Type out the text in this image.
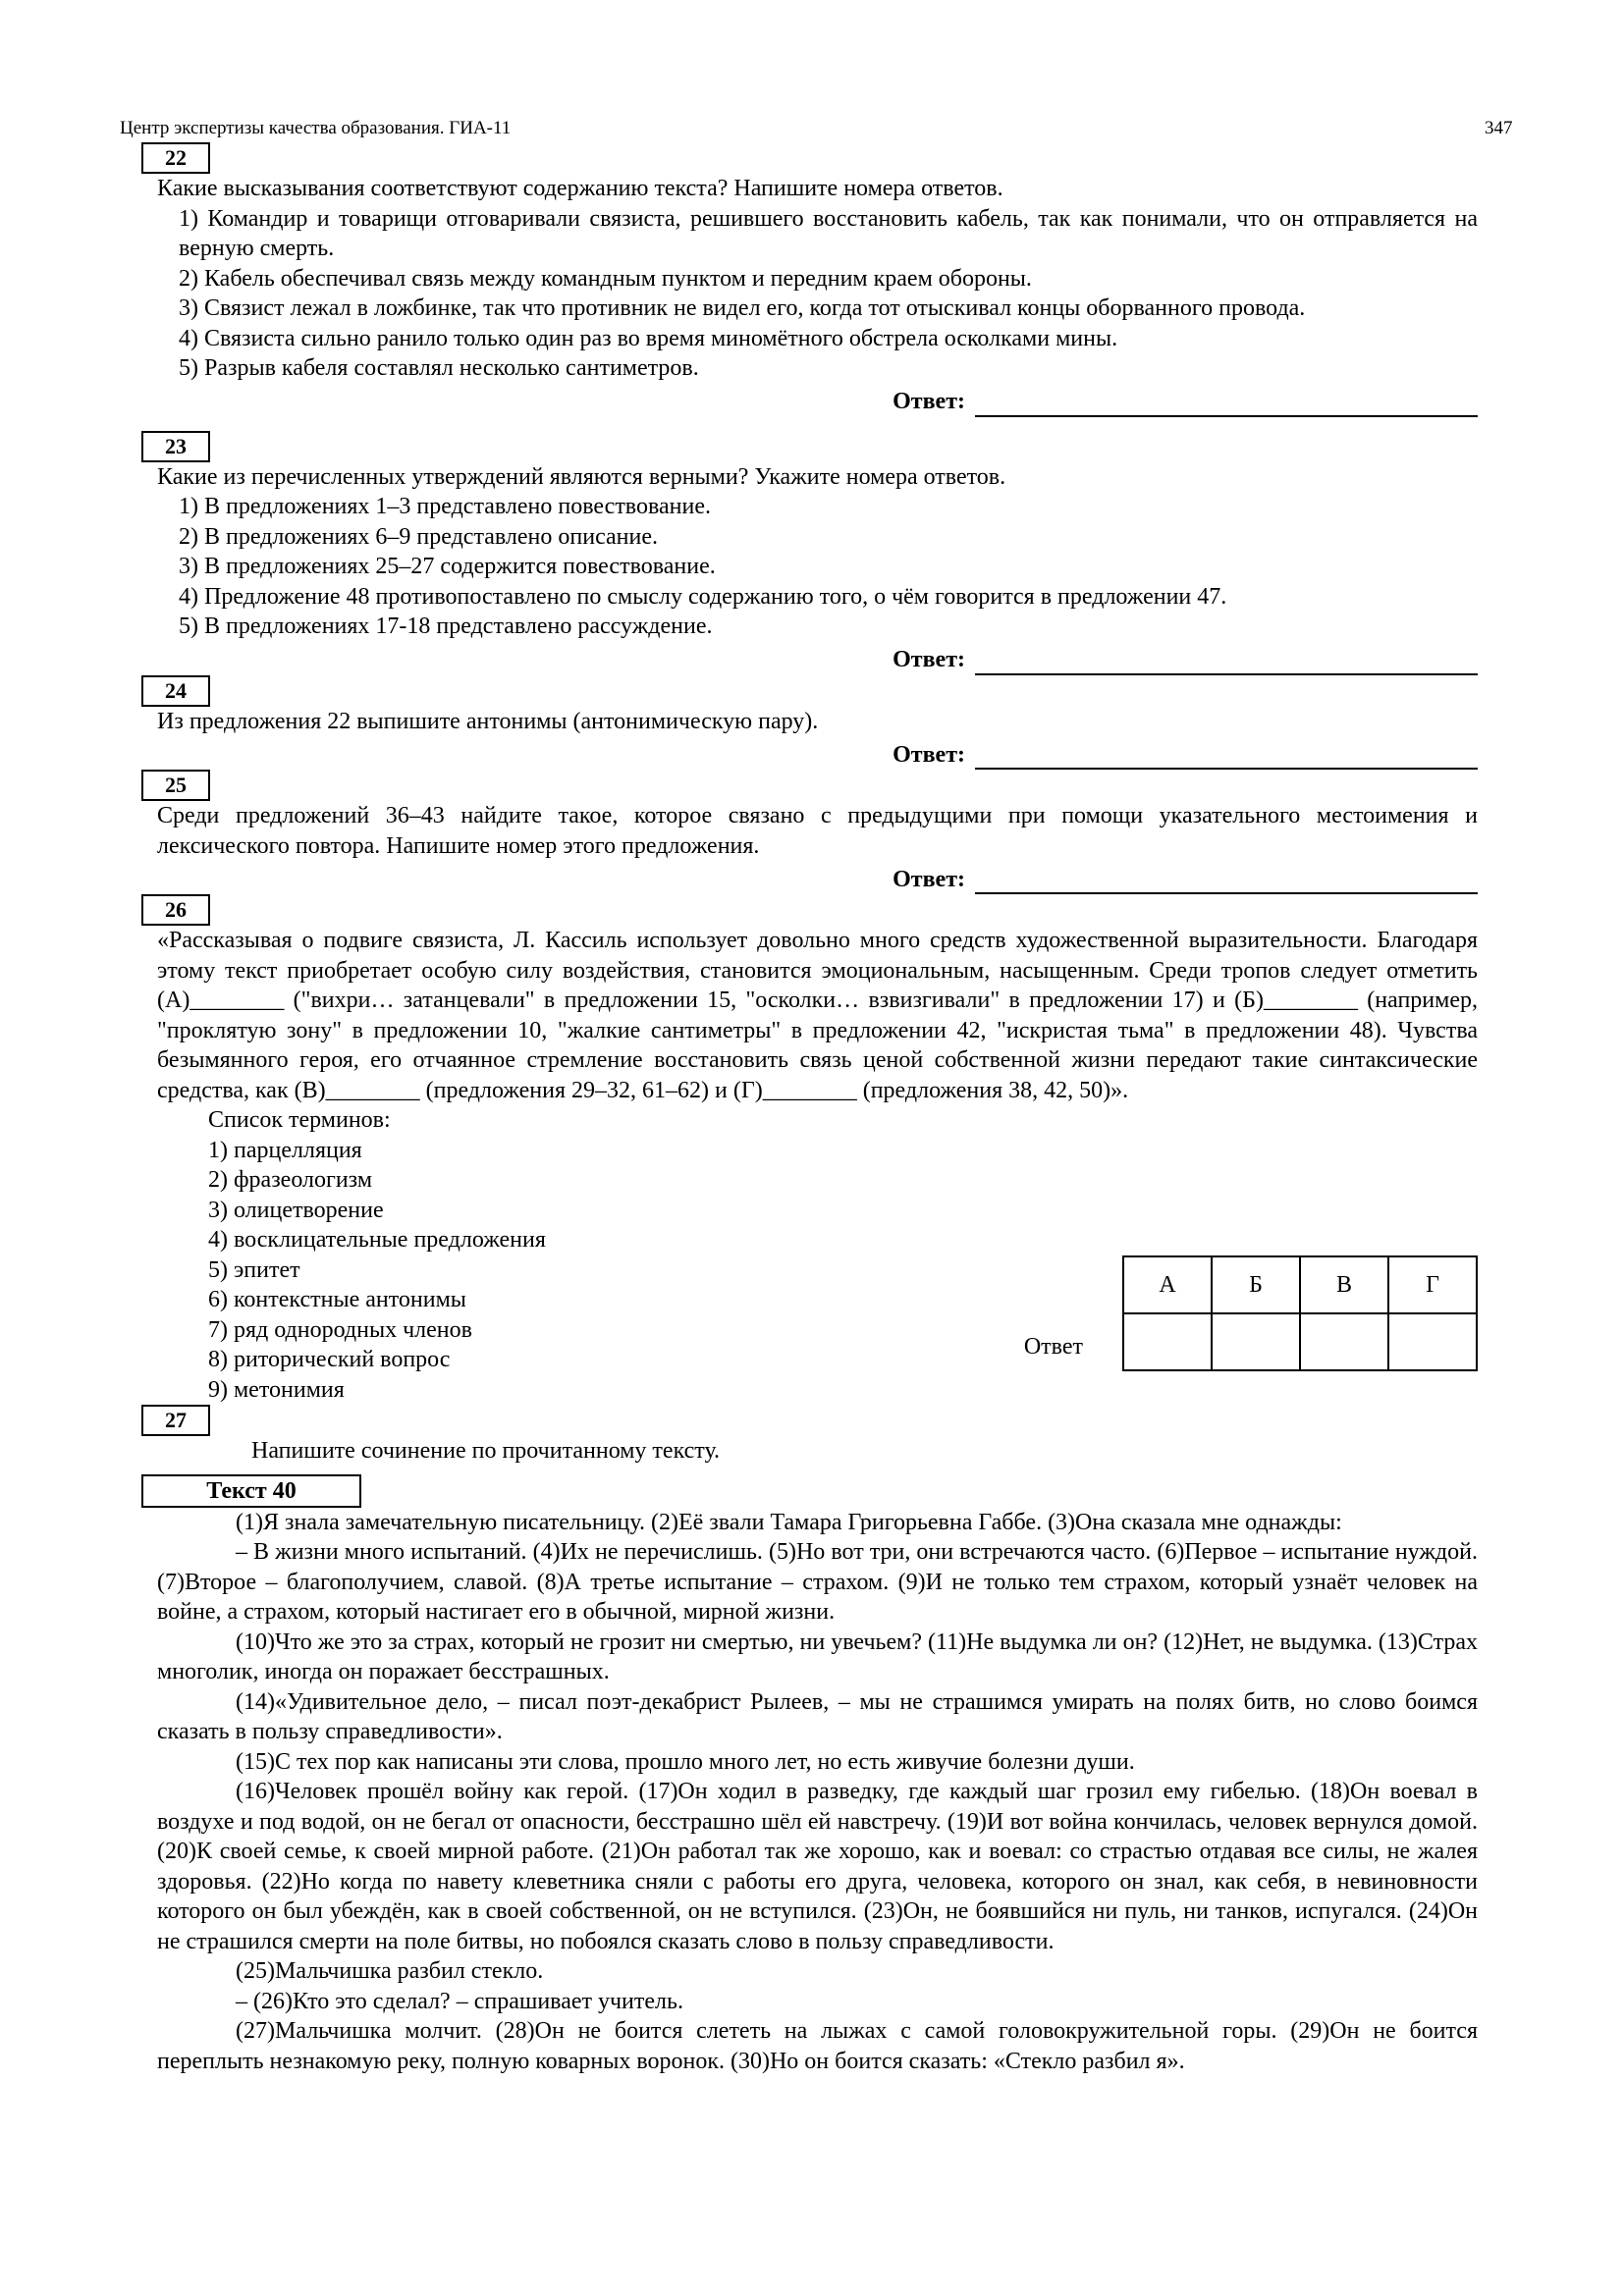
Центр экспертизы качества образования. ГИА-11	347
22

Какие высказывания соответствуют содержанию текста? Напишите номера ответов.

1) Командир и товарищи отговаривали связиста, решившего восстановить кабель, так как понимали, что он отправляется на верную смерть.

2) Кабель обеспечивал связь между командным пунктом и передним краем обороны.

3) Связист лежал в ложбинке, так что противник не видел его, когда тот отыскивал концы оборванного провода.

4) Связиста сильно ранило только один раз во время миномётного обстрела осколками мины.

5) Разрыв кабеля составлял несколько сантиметров.

Ответ:
23

Какие из перечисленных утверждений являются верными? Укажите номера ответов.

1) В предложениях 1–3 представлено повествование.

2) В предложениях 6–9 представлено описание.

3) В предложениях 25–27 содержится повествование.

4) Предложение 48 противопоставлено по смыслу содержанию того, о чём говорится в предложении 47.

5) В предложениях 17-18 представлено рассуждение.

Ответ:
24

Из предложения 22 выпишите антонимы (антонимическую пару).

Ответ:
25

Среди предложений 36–43 найдите такое, которое связано с предыдущими при помощи указательного местоимения и лексического повтора. Напишите номер этого предложения.

Ответ:
26

«Рассказывая о подвиге связиста, Л. Кассиль использует довольно много средств художественной выразительности. Благодаря этому текст приобретает особую силу воздействия, становится эмоциональным, насыщенным. Среди тропов следует отметить (А)________ ("вихри… затанцевали" в предложении 15, "осколки… взвизгивали" в предложении 17) и (Б)________ (например, "проклятую зону" в предложении 10, "жалкие сантиметры" в предложении 42, "искристая тьма" в предложении 48). Чувства безымянного героя, его отчаянное стремление восстановить связь ценой собственной жизни передают такие синтаксические средства, как (В)________ (предложения 29–32, 61–62) и (Г)________ (предложения 38, 42, 50)».

Список терминов:

1) парцелляция

2) фразеологизм

3) олицетворение

4) восклицательные предложения

5) эпитет

6) контекстные антонимы

7) ряд однородных членов

8) риторический вопрос

9) метонимия

Ответ
А	Б	В	Г

27

Напишите сочинение по прочитанному тексту.

Текст 40

(1)Я знала замечательную писательницу. (2)Её звали Тамара Григорьевна Габбе. (3)Она сказала мне однажды:

– В жизни много испытаний. (4)Их не перечислишь. (5)Но вот три, они встречаются часто. (6)Первое – испытание нуждой. (7)Второе – благополучием, славой. (8)А третье испытание – страхом. (9)И не только тем страхом, который узнаёт человек на войне, а страхом, который настигает его в обычной, мирной жизни.

(10)Что же это за страх, который не грозит ни смертью, ни увечьем? (11)Не выдумка ли он? (12)Нет, не выдумка. (13)Страх многолик, иногда он поражает бесстрашных.

(14)«Удивительное дело, – писал поэт-декабрист Рылеев, – мы не страшимся умирать на полях битв, но слово боимся сказать в пользу справедливости».

(15)С тех пор как написаны эти слова, прошло много лет, но есть живучие болезни души.

(16)Человек прошёл войну как герой. (17)Он ходил в разведку, где каждый шаг грозил ему гибелью. (18)Он воевал в воздухе и под водой, он не бегал от опасности, бесстрашно шёл ей навстречу. (19)И вот война кончилась, человек вернулся домой. (20)К своей семье, к своей мирной работе. (21)Он работал так же хорошо, как и воевал: со страстью отдавая все силы, не жалея здоровья. (22)Но когда по навету клеветника сняли с работы его друга, человека, которого он знал, как себя, в невиновности которого он был убеждён, как в своей собственной, он не вступился. (23)Он, не боявшийся ни пуль, ни танков, испугался. (24)Он не страшился смерти на поле битвы, но побоялся сказать слово в пользу справедливости.

(25)Мальчишка разбил стекло.

– (26)Кто это сделал? – спрашивает учитель.

(27)Мальчишка молчит. (28)Он не боится слететь на лыжах с самой головокружительной горы. (29)Он не боится переплыть незнакомую реку, полную коварных воронок. (30)Но он боится сказать: «Стекло разбил я».
